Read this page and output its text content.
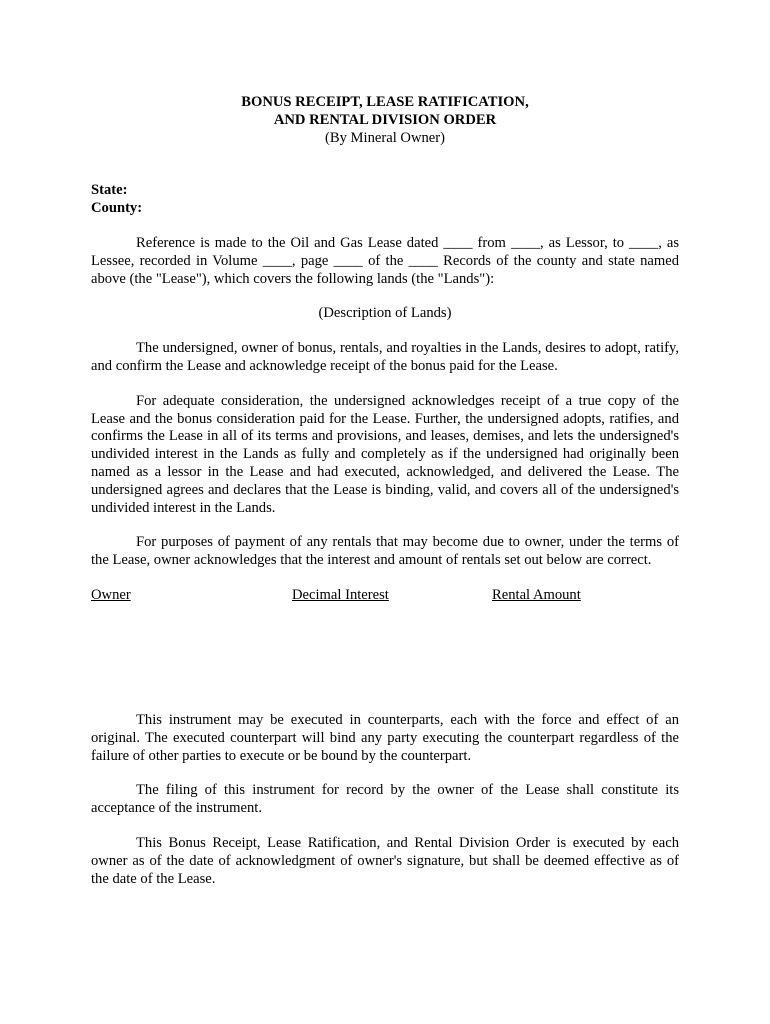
BONUS RECEIPT, LEASE RATIFICATION,
AND RENTAL DIVISION ORDER
(By Mineral Owner)

State:

County:

Reference is made to the Oil and Gas Lease dated ____ from ____, as Lessor, to ____, as Lessee, recorded in Volume ____, page ____ of the ____ Records of the county and state named above (the "Lease"), which covers the following lands (the "Lands"):

(Description of Lands)

The undersigned, owner of bonus, rentals, and royalties in the Lands, desires to adopt, ratify, and confirm the Lease and acknowledge receipt of the bonus paid for the Lease.

For adequate consideration, the undersigned acknowledges receipt of a true copy of the Lease and the bonus consideration paid for the Lease. Further, the undersigned adopts, ratifies, and confirms the Lease in all of its terms and provisions, and leases, demises, and lets the undersigned's undivided interest in the Lands as fully and completely as if the undersigned had originally been named as a lessor in the Lease and had executed, acknowledged, and delivered the Lease. The undersigned agrees and declares that the Lease is binding, valid, and covers all of the undersigned's undivided interest in the Lands.

For purposes of payment of any rentals that may become due to owner, under the terms of the Lease, owner acknowledges that the interest and amount of rentals set out below are correct.

Owner	Decimal Interest	Rental Amount

This instrument may be executed in counterparts, each with the force and effect of an original. The executed counterpart will bind any party executing the counterpart regardless of the failure of other parties to execute or be bound by the counterpart.

The filing of this instrument for record by the owner of the Lease shall constitute its acceptance of the instrument.

This Bonus Receipt, Lease Ratification, and Rental Division Order is executed by each owner as of the date of acknowledgment of owner's signature, but shall be deemed effective as of the date of the Lease.
